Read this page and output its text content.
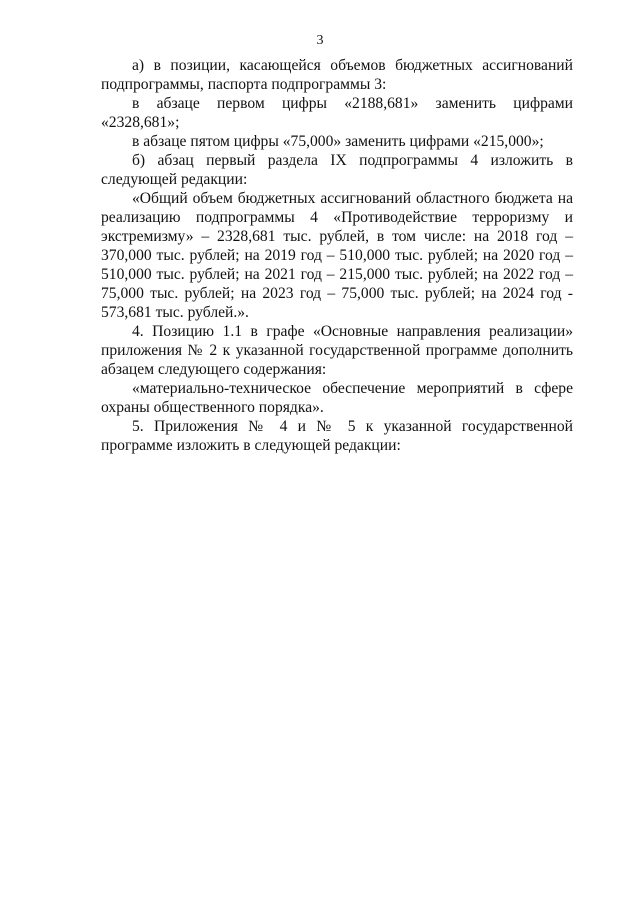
3

а) в позиции, касающейся объемов бюджетных ассигнований подпрограммы, паспорта подпрограммы 3:

в абзаце первом цифры «2188,681» заменить цифрами «2328,681»;

в абзаце пятом цифры «75,000» заменить цифрами «215,000»;

б) абзац первый раздела IX подпрограммы 4 изложить в следующей редакции:

«Общий объем бюджетных ассигнований областного бюджета на реализацию подпрограммы 4 «Противодействие терроризму и экстремизму» – 2328,681 тыс. рублей, в том числе: на 2018 год – 370,000 тыс. рублей; на 2019 год – 510,000 тыс. рублей; на 2020 год – 510,000 тыс. рублей; на 2021 год – 215,000 тыс. рублей; на 2022 год – 75,000 тыс. рублей; на 2023 год – 75,000 тыс. рублей; на 2024 год - 573,681 тыс. рублей.».

4. Позицию 1.1 в графе «Основные направления реализации» приложения № 2 к указанной государственной программе дополнить абзацем следующего содержания:

«материально-техническое обеспечение мероприятий в сфере охраны общественного порядка».

5. Приложения № 4 и № 5 к указанной государственной программе изложить в следующей редакции:
